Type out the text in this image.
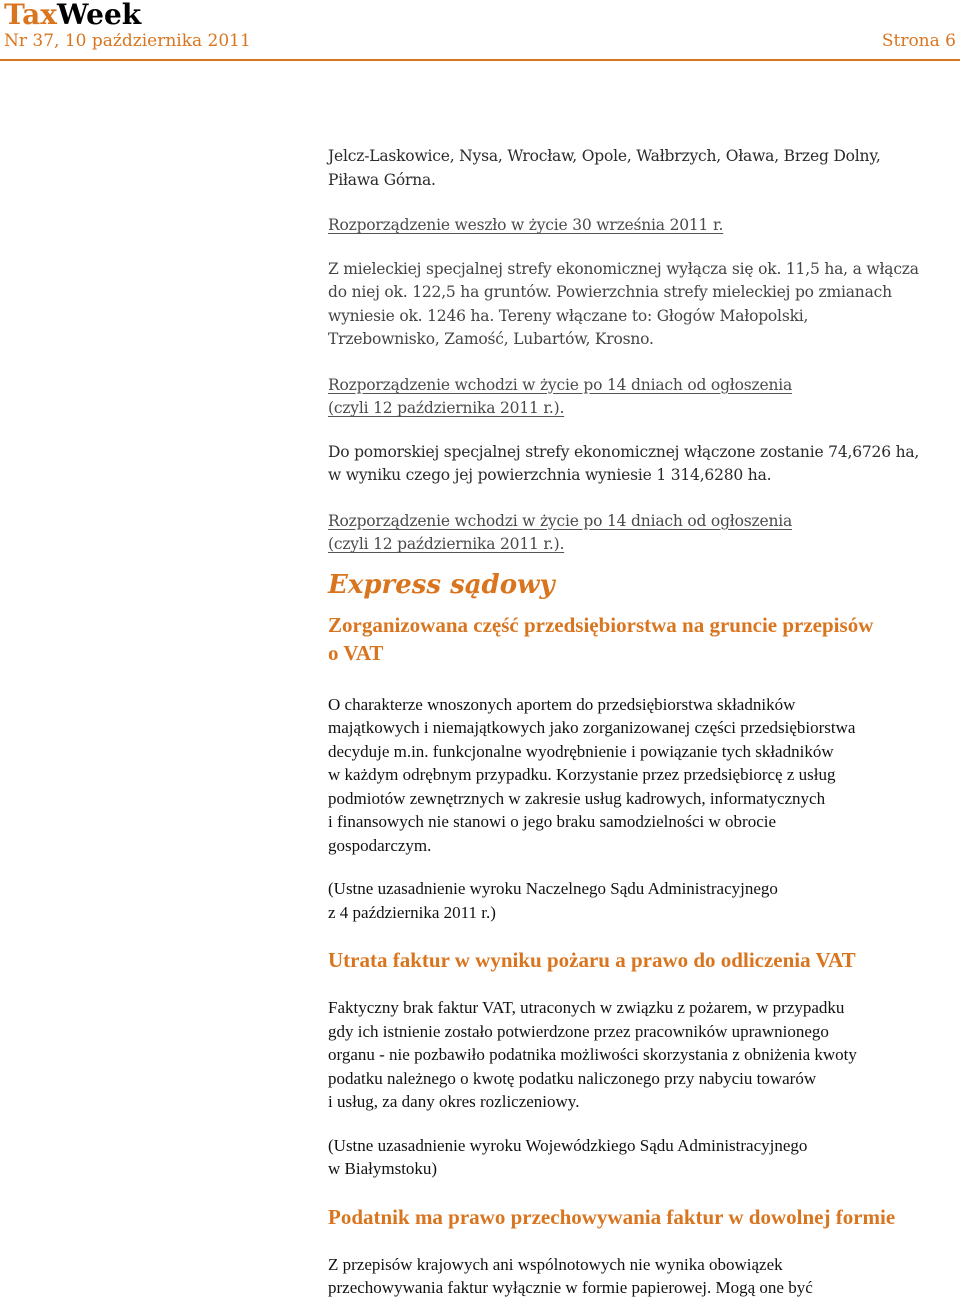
TaxWeek
Nr 37, 10 października 2011	Strona 6

Jelcz-Laskowice, Nysa, Wrocław, Opole, Wałbrzych, Oława, Brzeg Dolny,
Piława Górna.

Rozporządzenie weszło w życie 30 września 2011 r.

Z mieleckiej specjalnej strefy ekonomicznej wyłącza się ok. 11,5 ha, a włącza
do niej ok. 122,5 ha gruntów. Powierzchnia strefy mieleckiej po zmianach
wyniesie ok. 1246 ha. Tereny włączane to: Głogów Małopolski,
Trzebownisko, Zamość, Lubartów, Krosno.

Rozporządzenie wchodzi w życie po 14 dniach od ogłoszenia
(czyli 12 października 2011 r.).

Do pomorskiej specjalnej strefy ekonomicznej włączone zostanie 74,6726 ha,
w wyniku czego jej powierzchnia wyniesie 1 314,6280 ha.

Rozporządzenie wchodzi w życie po 14 dniach od ogłoszenia
(czyli 12 października 2011 r.).

Express sądowy
Zorganizowana część przedsiębiorstwa na gruncie przepisów
o VAT

O charakterze wnoszonych aportem do przedsiębiorstwa składników
majątkowych i niemajątkowych jako zorganizowanej części przedsiębiorstwa
decyduje m.in. funkcjonalne wyodrębnienie i powiązanie tych składników
w każdym odrębnym przypadku. Korzystanie przez przedsiębiorcę z usług
podmiotów zewnętrznych w zakresie usług kadrowych, informatycznych
i finansowych nie stanowi o jego braku samodzielności w obrocie
gospodarczym.

(Ustne uzasadnienie wyroku Naczelnego Sądu Administracyjnego
z 4 października 2011 r.)

Utrata faktur w wyniku pożaru a prawo do odliczenia VAT

Faktyczny brak faktur VAT, utraconych w związku z pożarem, w przypadku
gdy ich istnienie zostało potwierdzone przez pracowników uprawnionego
organu - nie pozbawiło podatnika możliwości skorzystania z obniżenia kwoty
podatku należnego o kwotę podatku naliczonego przy nabyciu towarów
i usług, za dany okres rozliczeniowy.

(Ustne uzasadnienie wyroku Wojewódzkiego Sądu Administracyjnego
w Białymstoku)

Podatnik ma prawo przechowywania faktur w dowolnej formie

Z przepisów krajowych ani wspólnotowych nie wynika obowiązek
przechowywania faktur wyłącznie w formie papierowej. Mogą one być
